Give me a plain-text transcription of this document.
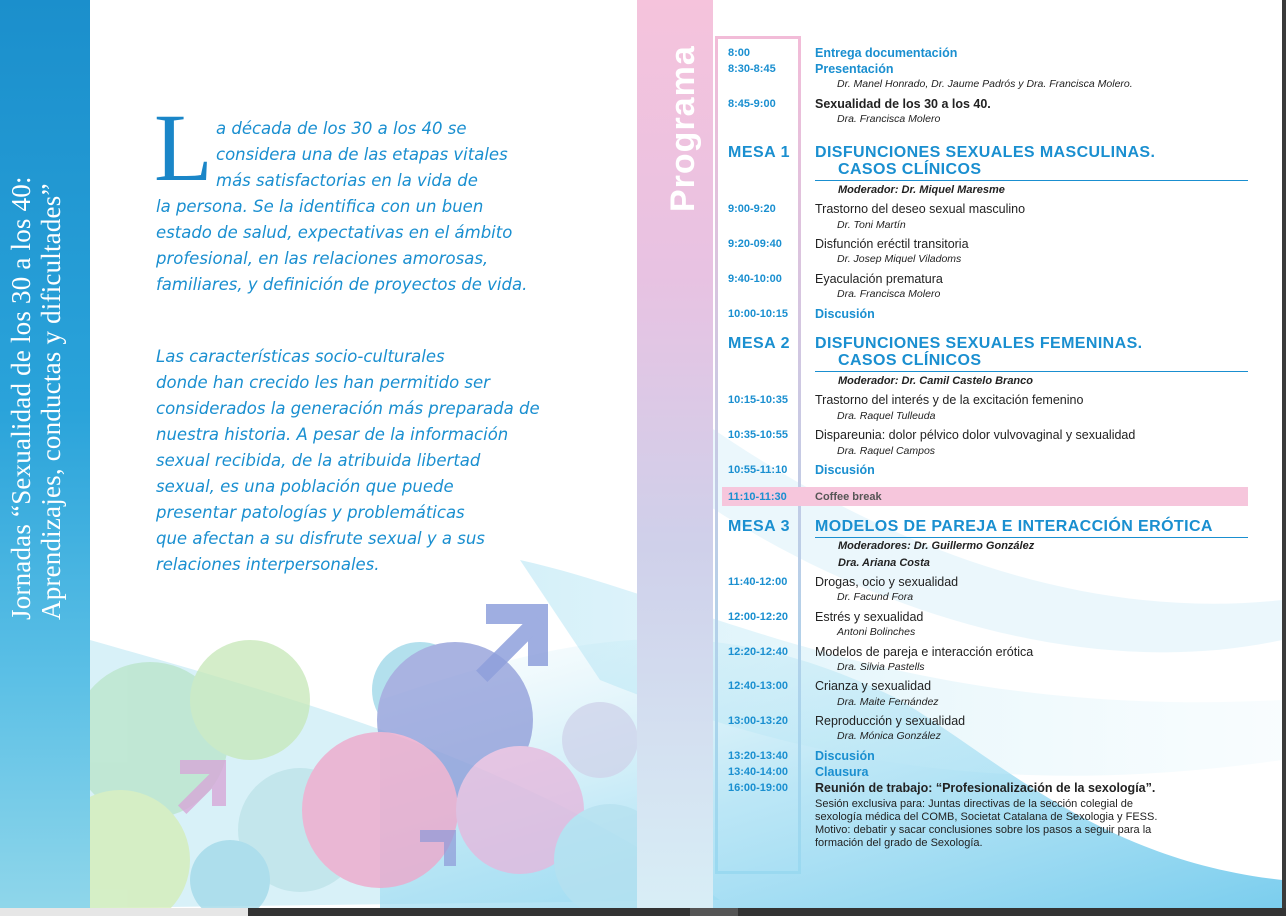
Jornadas “Sexualidad de los 30 a los 40: Aprendizajes, conductas y dificultades”
L a década de los 30 a los 40 se
considera una de las etapas vitales
más satisfactorias en la vida de
la persona. Se la identifica con un buen
estado de salud, expectativas en el ámbito
profesional, en las relaciones amorosas,
familiares, y definición de proyectos de vida.
Las características socio-culturales
donde han crecido les han permitido ser
considerados la generación más preparada de
nuestra historia. A pesar de la información
sexual recibida, de la atribuida libertad
sexual, es una población que puede
presentar patologías y problemáticas
que afectan a su disfrute sexual y a sus
relaciones interpersonales.
Programa 8:00	Entrega documentación
8:30-8:45	Presentación
Dr. Manel Honrado, Dr. Jaume Padrós y Dra. Francisca Molero.
8:45-9:00	Sexualidad de los 30 a los 40.
Dra. Francisca Molero
MESA 1 DISFUNCIONES SEXUALES MASCULINAS.
CASOS CLÍNICOS
Moderador: Dr. Miquel Maresme
9:00-9:20	Trastorno del deseo sexual masculino
Dr. Toni Martín
9:20-09:40	Disfunción eréctil transitoria
Dr. Josep Miquel Viladoms
9:40-10:00	Eyaculación prematura
Dra. Francisca Molero
10:00-10:15 Discusión
MESA 2 DISFUNCIONES SEXUALES FEMENINAS.
CASOS CLÍNICOS
Moderador: Dr. Camil Castelo Branco
10:15-10:35 Trastorno del interés y de la excitación femenino
Dra. Raquel Tulleuda
10:35-10:55 Dispareunia: dolor pélvico dolor vulvovaginal y sexualidad
Dra. Raquel Campos
10:55-11:10 Discusión
11:10-11:30	Coffee break
MESA 3 MODELOS DE PAREJA E INTERACCIÓN ERÓTICA
Moderadores: Dr. Guillermo González
Dra. Ariana Costa
11:40-12:00 Drogas, ocio y sexualidad
Dr. Facund Fora
12:00-12:20 Estrés y sexualidad
Antoni Bolinches
12:20-12:40 Modelos de pareja e interacción erótica
Dra. Silvia Pastells
12:40-13:00 Crianza y sexualidad
Dra. Maite Fernández
13:00-13:20 Reproducción y sexualidad
Dra. Mónica González
13:20-13:40 Discusión
13:40-14:00 Clausura
16:00-19:00 Reunión de trabajo: “Profesionalización de la sexología”.
Sesión exclusiva para: Juntas directivas de la sección colegial de
sexología médica del COMB, Societat Catalana de Sexologia y FESS.
Motivo: debatir y sacar conclusiones sobre los pasos a seguir para la
formación del grado de Sexología.
